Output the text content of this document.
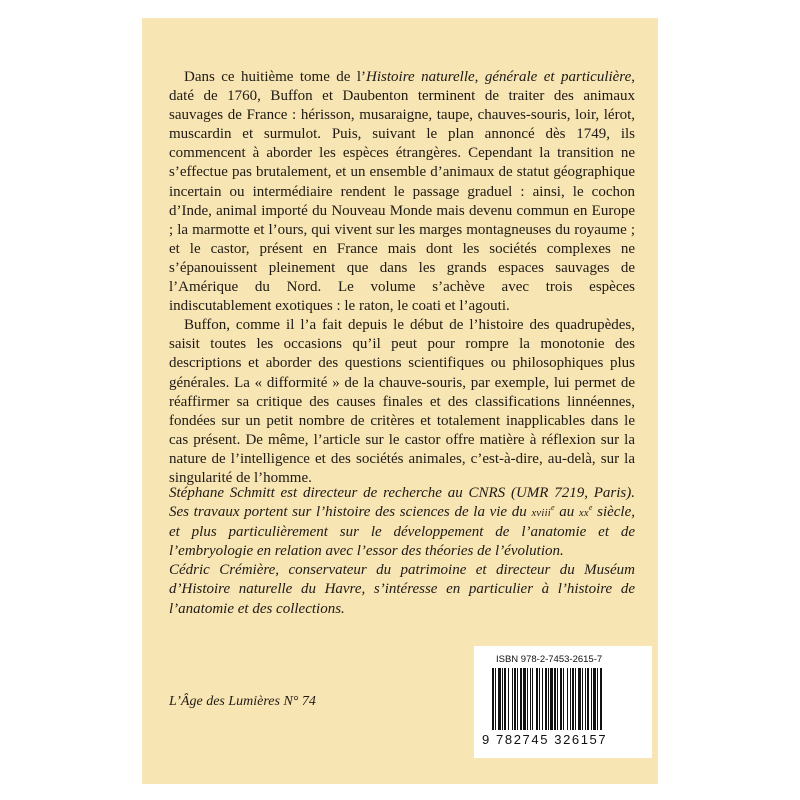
Dans ce huitième tome de l’Histoire naturelle, générale et particulière, daté de 1760, Buffon et Daubenton terminent de traiter des animaux sauvages de France : hérisson, musaraigne, taupe, chauves-souris, loir, lérot, muscardin et surmulot. Puis, suivant le plan annoncé dès 1749, ils commencent à aborder les espèces étrangères. Cependant la transition ne s’effectue pas brutalement, et un ensemble d’animaux de statut géographique incertain ou intermédiaire rendent le passage graduel : ainsi, le cochon d’Inde, animal importé du Nouveau Monde mais devenu commun en Europe ; la marmotte et l’ours, qui vivent sur les marges montagneuses du royaume ; et le castor, présent en France mais dont les sociétés complexes ne s’épanouissent pleinement que dans les grands espaces sauvages de l’Amérique du Nord. Le volume s’achève avec trois espèces indiscutablement exotiques : le raton, le coati et l’agouti.

Buffon, comme il l’a fait depuis le début de l’histoire des quadrupèdes, saisit toutes les occasions qu’il peut pour rompre la monotonie des descriptions et aborder des questions scientifiques ou philosophiques plus générales. La « difformité » de la chauve-souris, par exemple, lui permet de réaffirmer sa critique des causes finales et des classifications linnéennes, fondées sur un petit nombre de critères et totalement inapplicables dans le cas présent. De même, l’article sur le castor offre matière à réflexion sur la nature de l’intelligence et des sociétés animales, c’est-à-dire, au-delà, sur la singularité de l’homme.

Stéphane Schmitt est directeur de recherche au CNRS (UMR 7219, Paris). Ses travaux portent sur l’histoire des sciences de la vie du xviii$^e$ au $xx^e$ siècle, et plus particulièrement sur le développement de l’anatomie et de l’embryologie en relation avec l’essor des théories de l’évolution.

Cédric Crémière, conservateur du patrimoine et directeur du Muséum d’Histoire naturelle du Havre, s’intéresse en particulier à l’histoire de l’anatomie et des collections.

L’Âge des Lumières N° 74
ISBN 978-2-7453-2615-7
9 782745 326157
